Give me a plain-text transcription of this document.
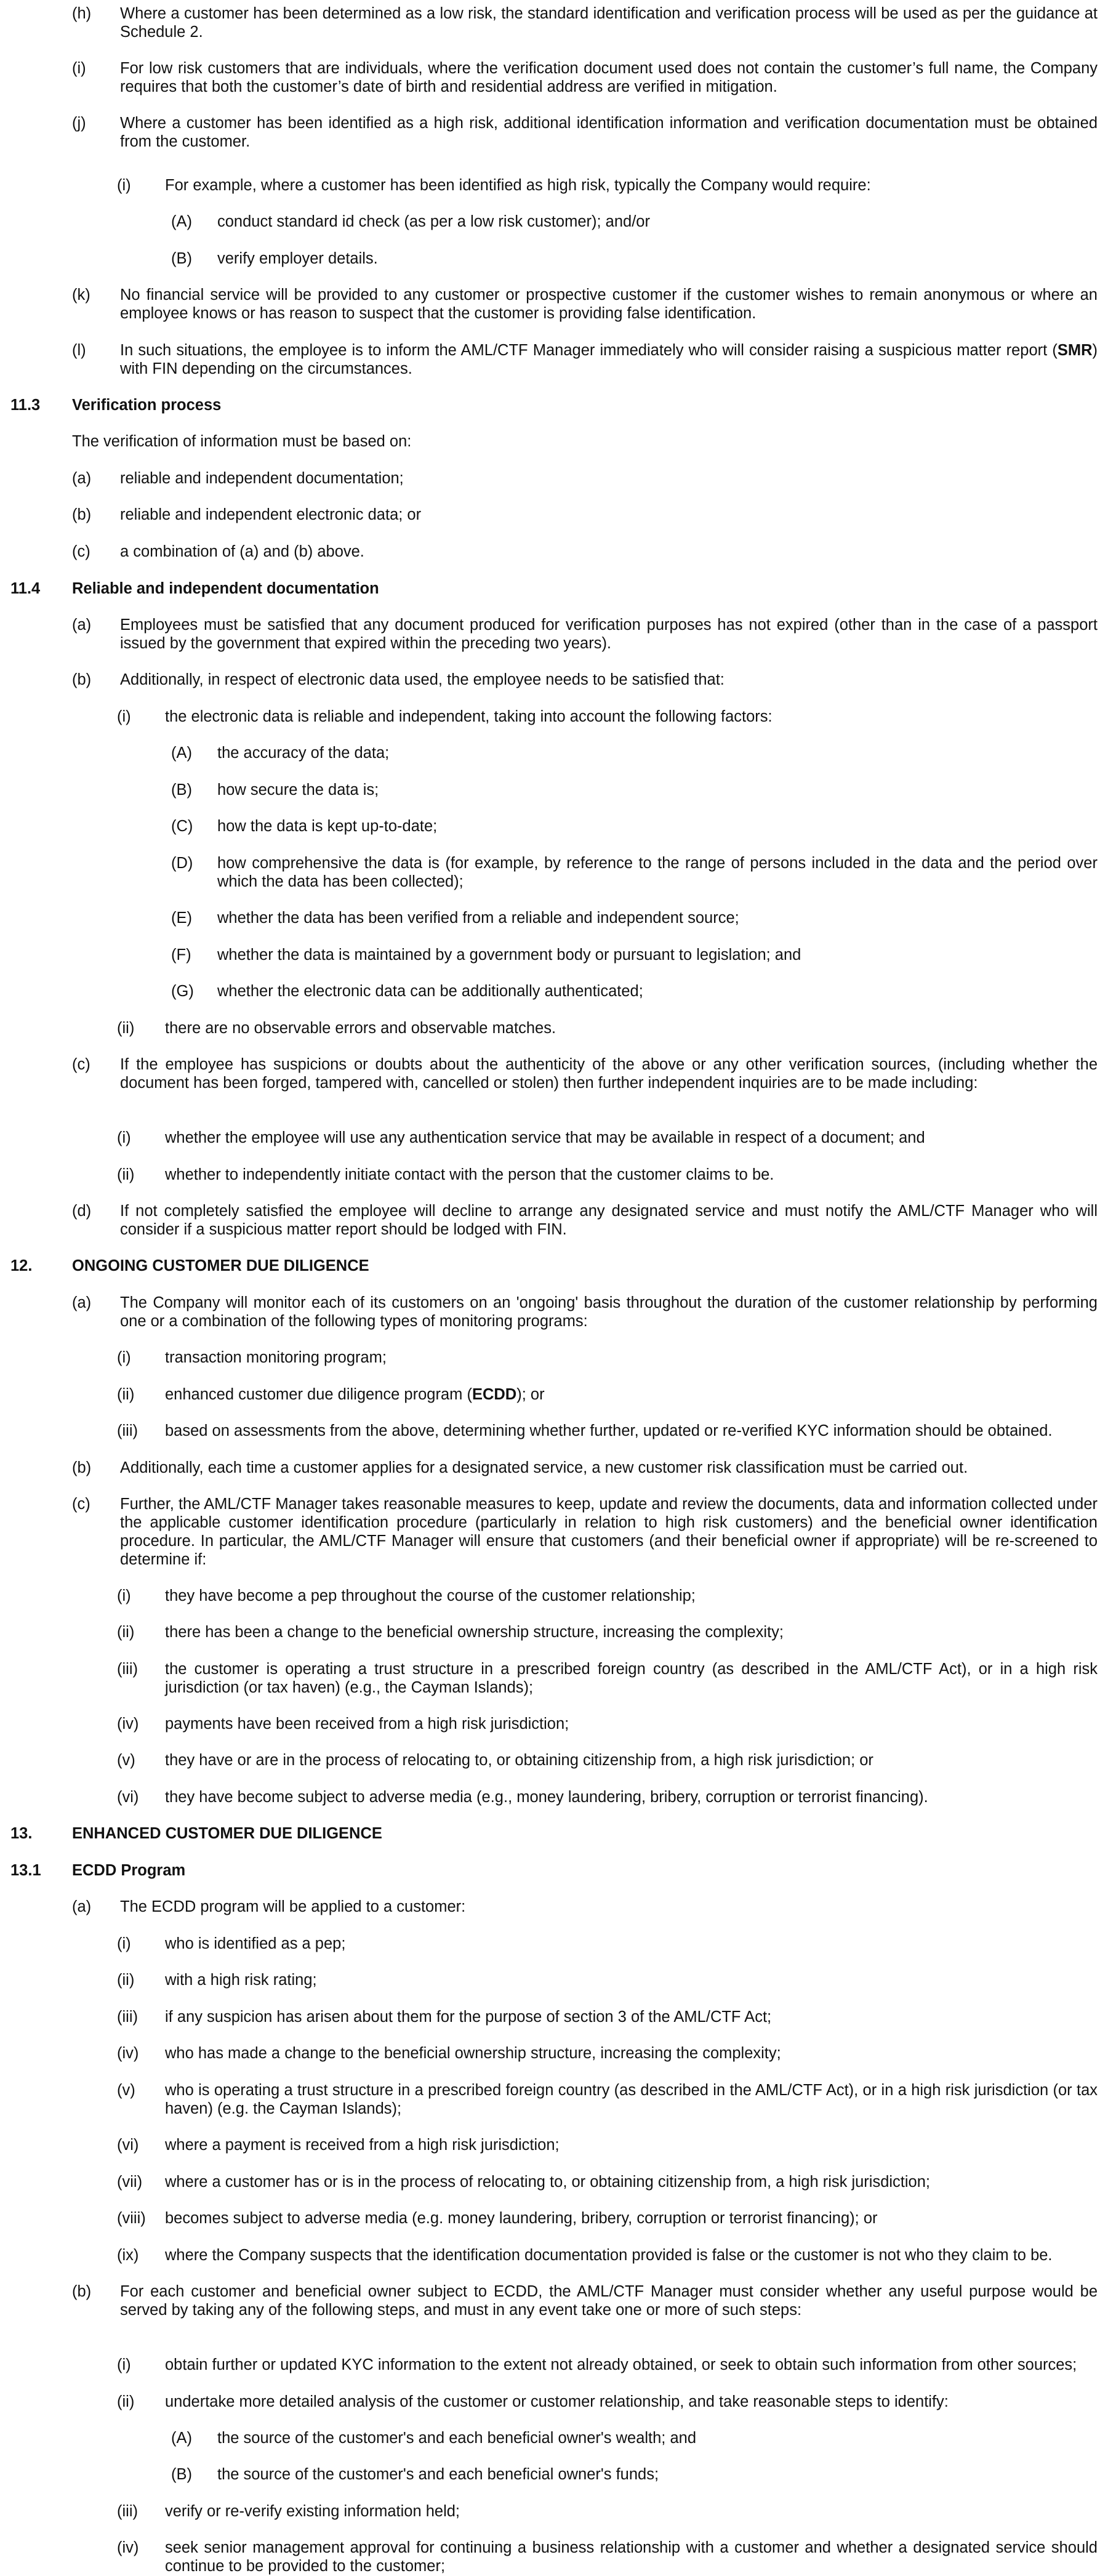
(h) Where a customer has been determined as a low risk, the standard identification and verification process will be used as per the guidance at Schedule 2.
(i) For low risk customers that are individuals, where the verification document used does not contain the customer’s full name, the Company requires that both the customer’s date of birth and residential address are verified in mitigation.
(j) Where a customer has been identified as a high risk, additional identification information and verification documentation must be obtained from the customer.
(i) For example, where a customer has been identified as high risk, typically the Company would require:
(A) conduct standard id check (as per a low risk customer); and/or
(B) verify employer details.
(k) No financial service will be provided to any customer or prospective customer if the customer wishes to remain anonymous or where an employee knows or has reason to suspect that the customer is providing false identification.
(l) In such situations, the employee is to inform the AML/CTF Manager immediately who will consider raising a suspicious matter report (SMR) with FIN depending on the circumstances.
11.3 Verification process
The verification of information must be based on:
(a) reliable and independent documentation;
(b) reliable and independent electronic data; or
(c) a combination of (a) and (b) above.
11.4 Reliable and independent documentation
(a) Employees must be satisfied that any document produced for verification purposes has not expired (other than in the case of a passport issued by the government that expired within the preceding two years).
(b) Additionally, in respect of electronic data used, the employee needs to be satisfied that:
(i) the electronic data is reliable and independent, taking into account the following factors:
(A) the accuracy of the data;
(B) how secure the data is;
(C) how the data is kept up-to-date;
(D) how comprehensive the data is (for example, by reference to the range of persons included in the data and the period over which the data has been collected);
(E) whether the data has been verified from a reliable and independent source;
(F) whether the data is maintained by a government body or pursuant to legislation; and
(G) whether the electronic data can be additionally authenticated;
(ii) there are no observable errors and observable matches.
(c) If the employee has suspicions or doubts about the authenticity of the above or any other verification sources, (including whether the document has been forged, tampered with, cancelled or stolen) then further independent inquiries are to be made including:
(i) whether the employee will use any authentication service that may be available in respect of a document; and
(ii) whether to independently initiate contact with the person that the customer claims to be.
(d) If not completely satisfied the employee will decline to arrange any designated service and must notify the AML/CTF Manager who will consider if a suspicious matter report should be lodged with FIN.
12.	ONGOING CUSTOMER DUE DILIGENCE
(a) The Company will monitor each of its customers on an 'ongoing' basis throughout the duration of the customer relationship by performing one or a combination of the following types of monitoring programs:
(i) transaction monitoring program;
(ii) enhanced customer due diligence program (ECDD); or
(iii) based on assessments from the above, determining whether further, updated or re-verified KYC information should be obtained.
(b) Additionally, each time a customer applies for a designated service, a new customer risk classification must be carried out.
(c) Further, the AML/CTF Manager takes reasonable measures to keep, update and review the documents, data and information collected under the applicable customer identification procedure (particularly in relation to high risk customers) and the beneficial owner identification procedure. In particular, the AML/CTF Manager will ensure that customers (and their beneficial owner if appropriate) will be re-screened to determine if:
(i) they have become a pep throughout the course of the customer relationship;
(ii) there has been a change to the beneficial ownership structure, increasing the complexity;
(iii) the customer is operating a trust structure in a prescribed foreign country (as described in the AML/CTF Act), or in a high risk jurisdiction (or tax haven) (e.g., the Cayman Islands);
(iv) payments have been received from a high risk jurisdiction;
(v) they have or are in the process of relocating to, or obtaining citizenship from, a high risk jurisdiction; or
(vi) they have become subject to adverse media (e.g., money laundering, bribery, corruption or terrorist financing).
13.	ENHANCED CUSTOMER DUE DILIGENCE
13.1 ECDD Program
(a) The ECDD program will be applied to a customer:
(i) who is identified as a pep;
(ii) with a high risk rating;
(iii) if any suspicion has arisen about them for the purpose of section 3 of the AML/CTF Act;
(iv) who has made a change to the beneficial ownership structure, increasing the complexity;
(v) who is operating a trust structure in a prescribed foreign country (as described in the AML/CTF Act), or in a high risk jurisdiction (or tax haven) (e.g. the Cayman Islands);
(vi) where a payment is received from a high risk jurisdiction;
(vii) where a customer has or is in the process of relocating to, or obtaining citizenship from, a high risk jurisdiction;
(viii) becomes subject to adverse media (e.g. money laundering, bribery, corruption or terrorist financing); or
(ix) where the Company suspects that the identification documentation provided is false or the customer is not who they claim to be.
(b) For each customer and beneficial owner subject to ECDD, the AML/CTF Manager must consider whether any useful purpose would be served by taking any of the following steps, and must in any event take one or more of such steps:
(i) obtain further or updated KYC information to the extent not already obtained, or seek to obtain such information from other sources;
(ii) undertake more detailed analysis of the customer or customer relationship, and take reasonable steps to identify:
(A) the source of the customer's and each beneficial owner's wealth; and
(B) the source of the customer's and each beneficial owner's funds;
(iii) verify or re-verify existing information held;
(iv) seek senior management approval for continuing a business relationship with a customer and whether a designated service should continue to be provided to the customer;
